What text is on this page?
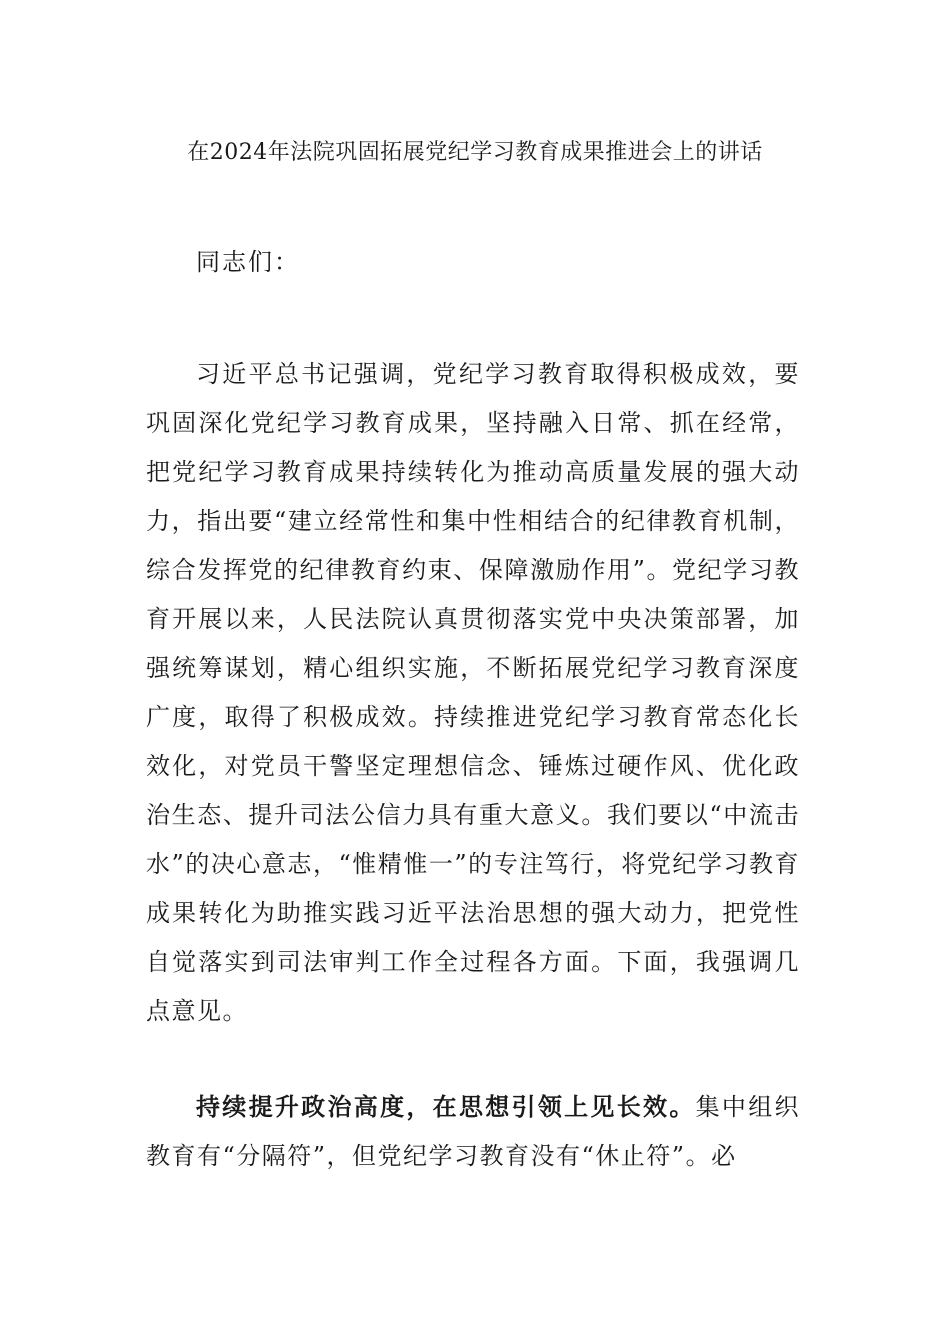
在2024年法院巩固拓展党纪学习教育成果推进会上的讲话

同志们：

习近平总书记强调，党纪学习教育取得积极成效，要巩固深化党纪学习教育成果，坚持融入日常、抓在经常，把党纪学习教育成果持续转化为推动高质量发展的强大动力，指出要“建立经常性和集中性相结合的纪律教育机制，综合发挥党的纪律教育约束、保障激励作用”。党纪学习教育开展以来，人民法院认真贯彻落实党中央决策部署，加强统筹谋划，精心组织实施，不断拓展党纪学习教育深度广度，取得了积极成效。持续推进党纪学习教育常态化长效化，对党员干警坚定理想信念、锤炼过硬作风、优化政治生态、提升司法公信力具有重大意义。我们要以“中流击水”的决心意志，“惟精惟一”的专注笃行，将党纪学习教育成果转化为助推实践习近平法治思想的强大动力，把党性自觉落实到司法审判工作全过程各方面。下面，我强调几点意见。

持续提升政治高度，在思想引领上见长效。集中组织教育有“分隔符”，但党纪学习教育没有“休止符”。必
